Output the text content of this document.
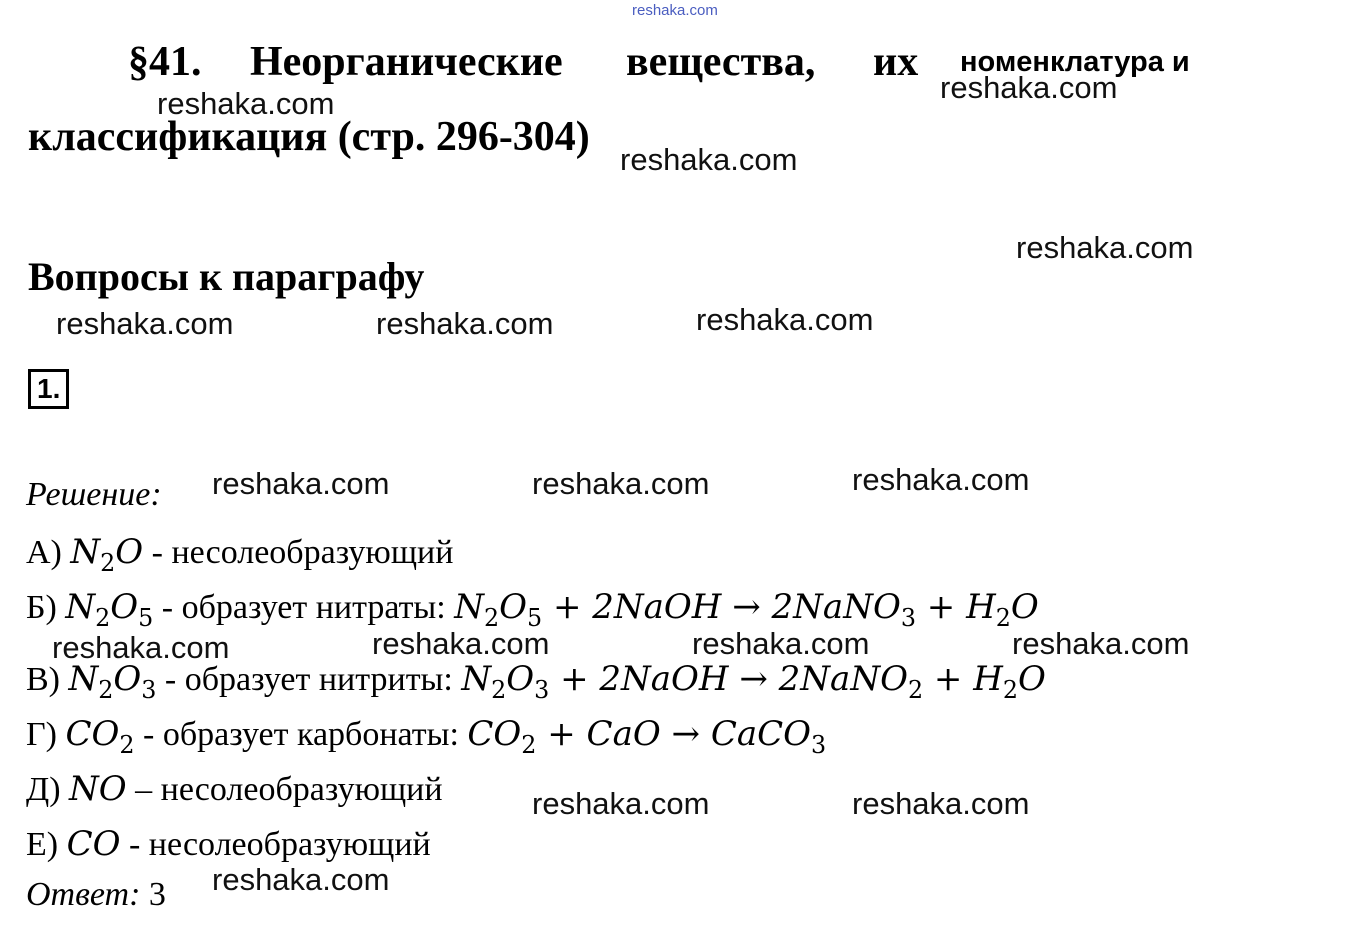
reshaka.com
§41. Неорганические вещества, их номенклатура и
классификация (стр. 296-304)
Вопросы к параграфу
1.
Решение:
А) $N_2O$ - несолеобразующий
Б) $N_2O_5$ - образует нитраты: $N_2O_5$ + 2NaOH → 2NaNO$_3$ + $H_2O$
В) $N_2O_3$ - образует нитриты: $N_2O_3$ + 2NaOH → 2NaNO$_2$ + $H_2O$
Г) $CO_2$ - образует карбонаты: $CO_2$ + CaO → CaCO$_3$
Д) NO – несолеобразующий
Е) CO - несолеобразующий
Ответ: 3
reshaka.com	reshaka.com
reshaka.com
reshaka.com
reshaka.com	reshaka.com	reshaka.com
reshaka.com	reshaka.com	reshaka.com
reshaka.com	reshaka.com	reshaka.com	reshaka.com
reshaka.com	reshaka.com
reshaka.com
